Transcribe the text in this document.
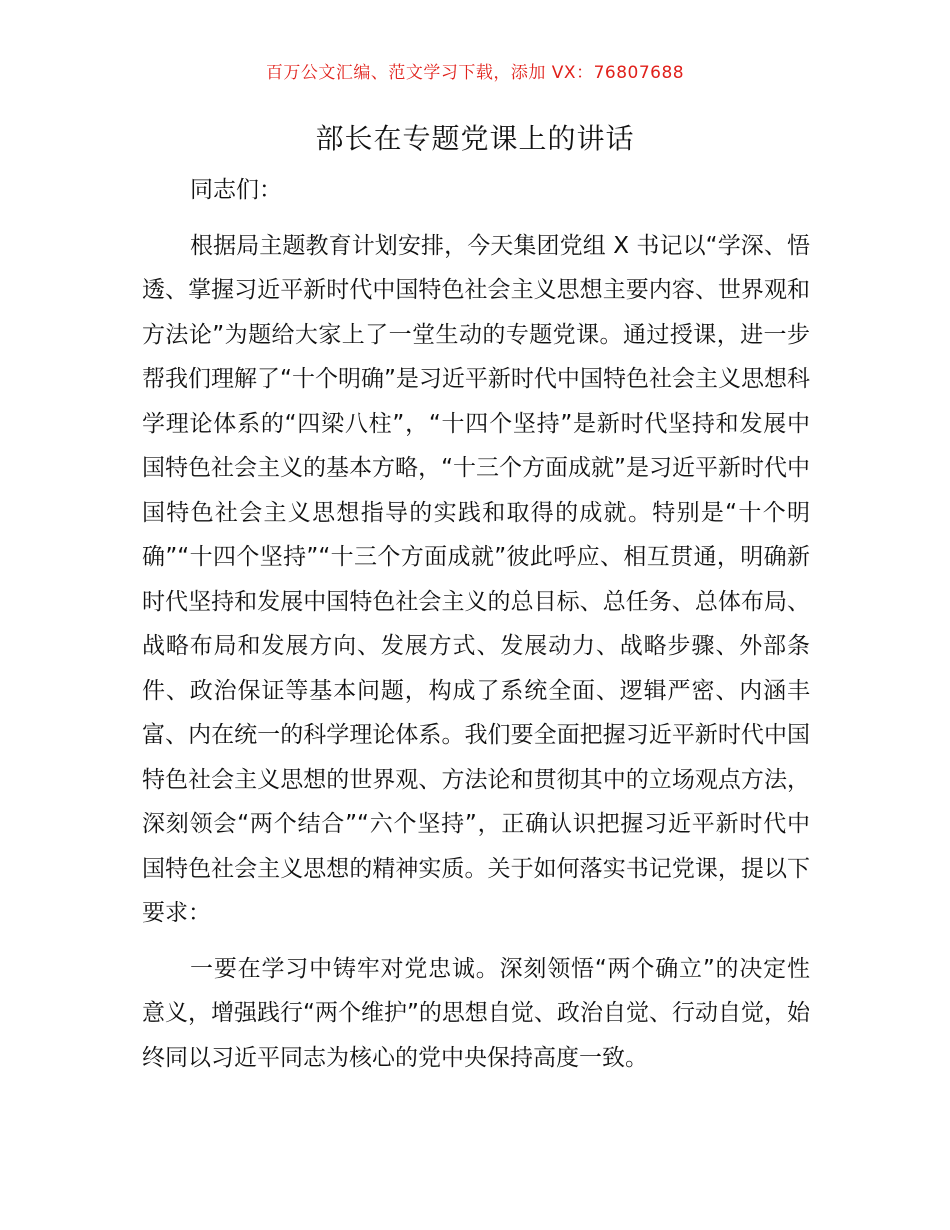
百万公文汇编、范文学习下载，添加 VX：76807688
部长在专题党课上的讲话

同志们：

根据局主题教育计划安排，今天集团党组 X 书记以“学深、悟透、掌握习近平新时代中国特色社会主义思想主要内容、世界观和方法论”为题给大家上了一堂生动的专题党课。通过授课，进一步帮我们理解了“十个明确”是习近平新时代中国特色社会主义思想科学理论体系的“四梁八柱”，“十四个坚持”是新时代坚持和发展中国特色社会主义的基本方略，“十三个方面成就”是习近平新时代中国特色社会主义思想指导的实践和取得的成就。特别是“十个明确”“十四个坚持”“十三个方面成就”彼此呼应、相互贯通，明确新时代坚持和发展中国特色社会主义的总目标、总任务、总体布局、战略布局和发展方向、发展方式、发展动力、战略步骤、外部条件、政治保证等基本问题，构成了系统全面、逻辑严密、内涵丰富、内在统一的科学理论体系。我们要全面把握习近平新时代中国特色社会主义思想的世界观、方法论和贯彻其中的立场观点方法，深刻领会“两个结合”“六个坚持”，正确认识把握习近平新时代中国特色社会主义思想的精神实质。关于如何落实书记党课，提以下要求：

一要在学习中铸牢对党忠诚。深刻领悟“两个确立”的决定性意义，增强践行“两个维护”的思想自觉、政治自觉、行动自觉，始终同以习近平同志为核心的党中央保持高度一致。
